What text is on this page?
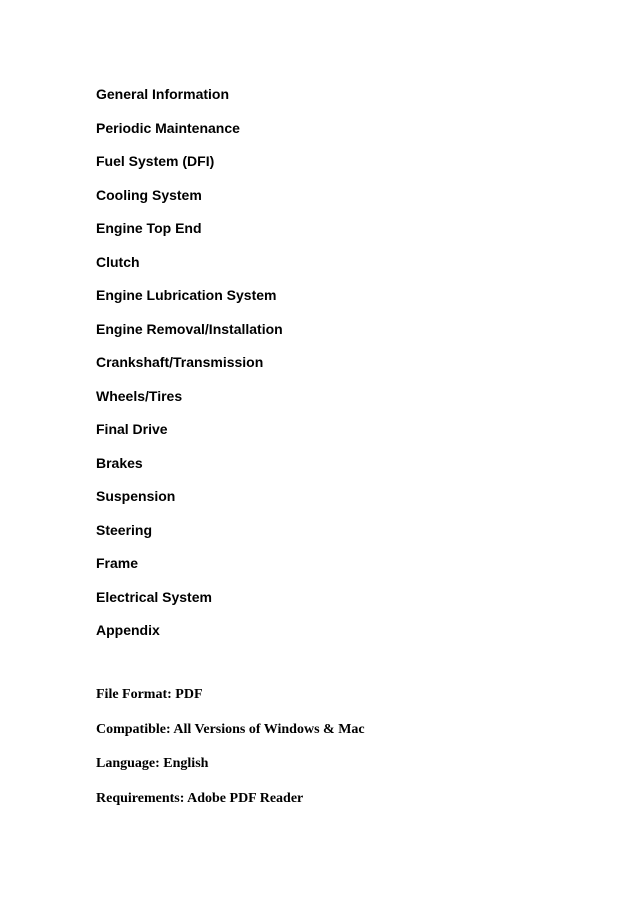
General Information
Periodic Maintenance
Fuel System (DFI)
Cooling System
Engine Top End
Clutch
Engine Lubrication System
Engine Removal/Installation
Crankshaft/Transmission
Wheels/Tires
Final Drive
Brakes
Suspension
Steering
Frame
Electrical System
Appendix
File Format: PDF
Compatible: All Versions of Windows & Mac
Language: English
Requirements: Adobe PDF Reader
